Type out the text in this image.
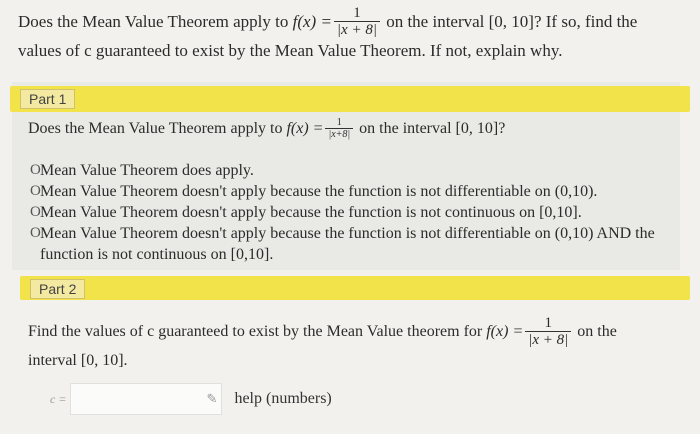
Does the Mean Value Theorem apply to
$f(x) = \frac{1}{|x + 8|}$
on the interval [0, 10]? If so, find the
values of c guaranteed to exist by the Mean Value Theorem. If not, explain why.
Part 1
Does the Mean Value Theorem apply to
$f(x) = \frac{1}{|x+8|}$
on the interval [0, 10]?
O Mean Value Theorem does apply.
O Mean Value Theorem doesn't apply because the function is not differentiable on (0,10).
O Mean Value Theorem doesn't apply because the function is not continuous on [0,10].
O Mean Value Theorem doesn't apply because the function is not differentiable on (0,10) AND the function is not continuous on [0,10].
Part 2
Find the values of c guaranteed to exist by the Mean Value theorem for
$f(x) = \frac{1}{|x + 8|}$
on the
interval [0, 10].
c =	✎ help (numbers)
